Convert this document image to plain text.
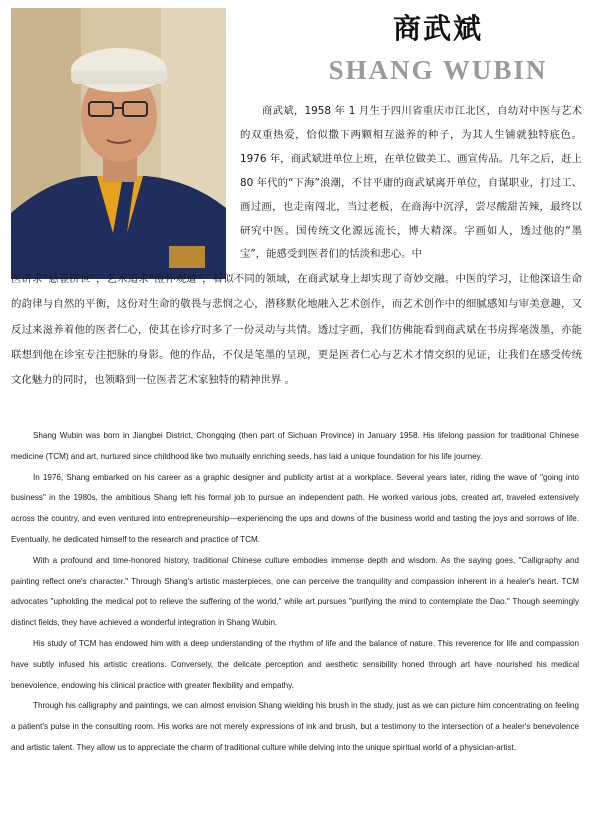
商武斌
SHANG WUBIN

商武斌，1958 年 1 月生于四川省重庆市江北区，自幼对中医与艺术的双重热爱，恰似撒下两颗相互滋养的种子，为其人生铺就独特底色。1976 年，商武斌进单位上班，在单位做美工、画宣传品。几年之后，赶上 80 年代的“下海”浪潮，不甘平庸的商武斌离开单位，自谋职业，打过工、画过画，也走南闯北，当过老板，在商海中沉浮，尝尽酸甜苦辣，最终以研究中医。国传统文化源远流长，博大精深。字画如人，透过他的“墨宝”，能感受到医者们的恬淡和悲心。中

医讲求“悬壶济世”，艺术追求“澄怀观道”，看似不同的领域，在商武斌身上却实现了奇妙交融。中医的学习，让他深谙生命的韵律与自然的平衡，这份对生命的敬畏与悲悯之心，潜移默化地融入艺术创作，而艺术创作中的细腻感知与审美意趣，又反过来滋养着他的医者仁心，使其在诊疗时多了一份灵动与共情。透过字画，我们仿佛能看到商武斌在书房挥毫泼墨，亦能联想到他在诊室专注把脉的身影。他的作品，不仅是笔墨的呈现，更是医者仁心与艺术才情交织的见证，让我们在感受传统文化魅力的同时，也领略到一位医者艺术家独特的精神世界 。

Shang Wubin was born in Jiangbei District, Chongqing (then part of Sichuan Province) in January 1958. His lifelong passion for traditional Chinese medicine (TCM) and art, nurtured since childhood like two mutually enriching seeds, has laid a unique foundation for his life journey.

In 1976, Shang embarked on his career as a graphic designer and publicity artist at a workplace. Several years later, riding the wave of "going into business" in the 1980s, the ambitious Shang left his formal job to pursue an independent path. He worked various jobs, created art, traveled extensively across the country, and even ventured into entrepreneurship—experiencing the ups and downs of the business world and tasting the joys and sorrows of life. Eventually, he dedicated himself to the research and practice of TCM.

With a profound and time-honored history, traditional Chinese culture embodies immense depth and wisdom. As the saying goes, "Calligraphy and painting reflect one's character." Through Shang's artistic masterpieces, one can perceive the tranquility and compassion inherent in a healer's heart. TCM advocates "upholding the medical pot to relieve the suffering of the world," while art pursues "purifying the mind to contemplate the Dao." Though seemingly distinct fields, they have achieved a wonderful integration in Shang Wubin.

His study of TCM has endowed him with a deep understanding of the rhythm of life and the balance of nature. This reverence for life and compassion have subtly infused his artistic creations. Conversely, the delicate perception and aesthetic sensibility honed through art have nourished his medical benevolence, endowing his clinical practice with greater flexibility and empathy.

Through his calligraphy and paintings, we can almost envision Shang wielding his brush in the study, just as we can picture him concentrating on feeling a patient's pulse in the consulting room. His works are not merely expressions of ink and brush, but a testimony to the intersection of a healer's benevolence and artistic talent. They allow us to appreciate the charm of traditional culture while delving into the unique spiritual world of a physician-artist.
